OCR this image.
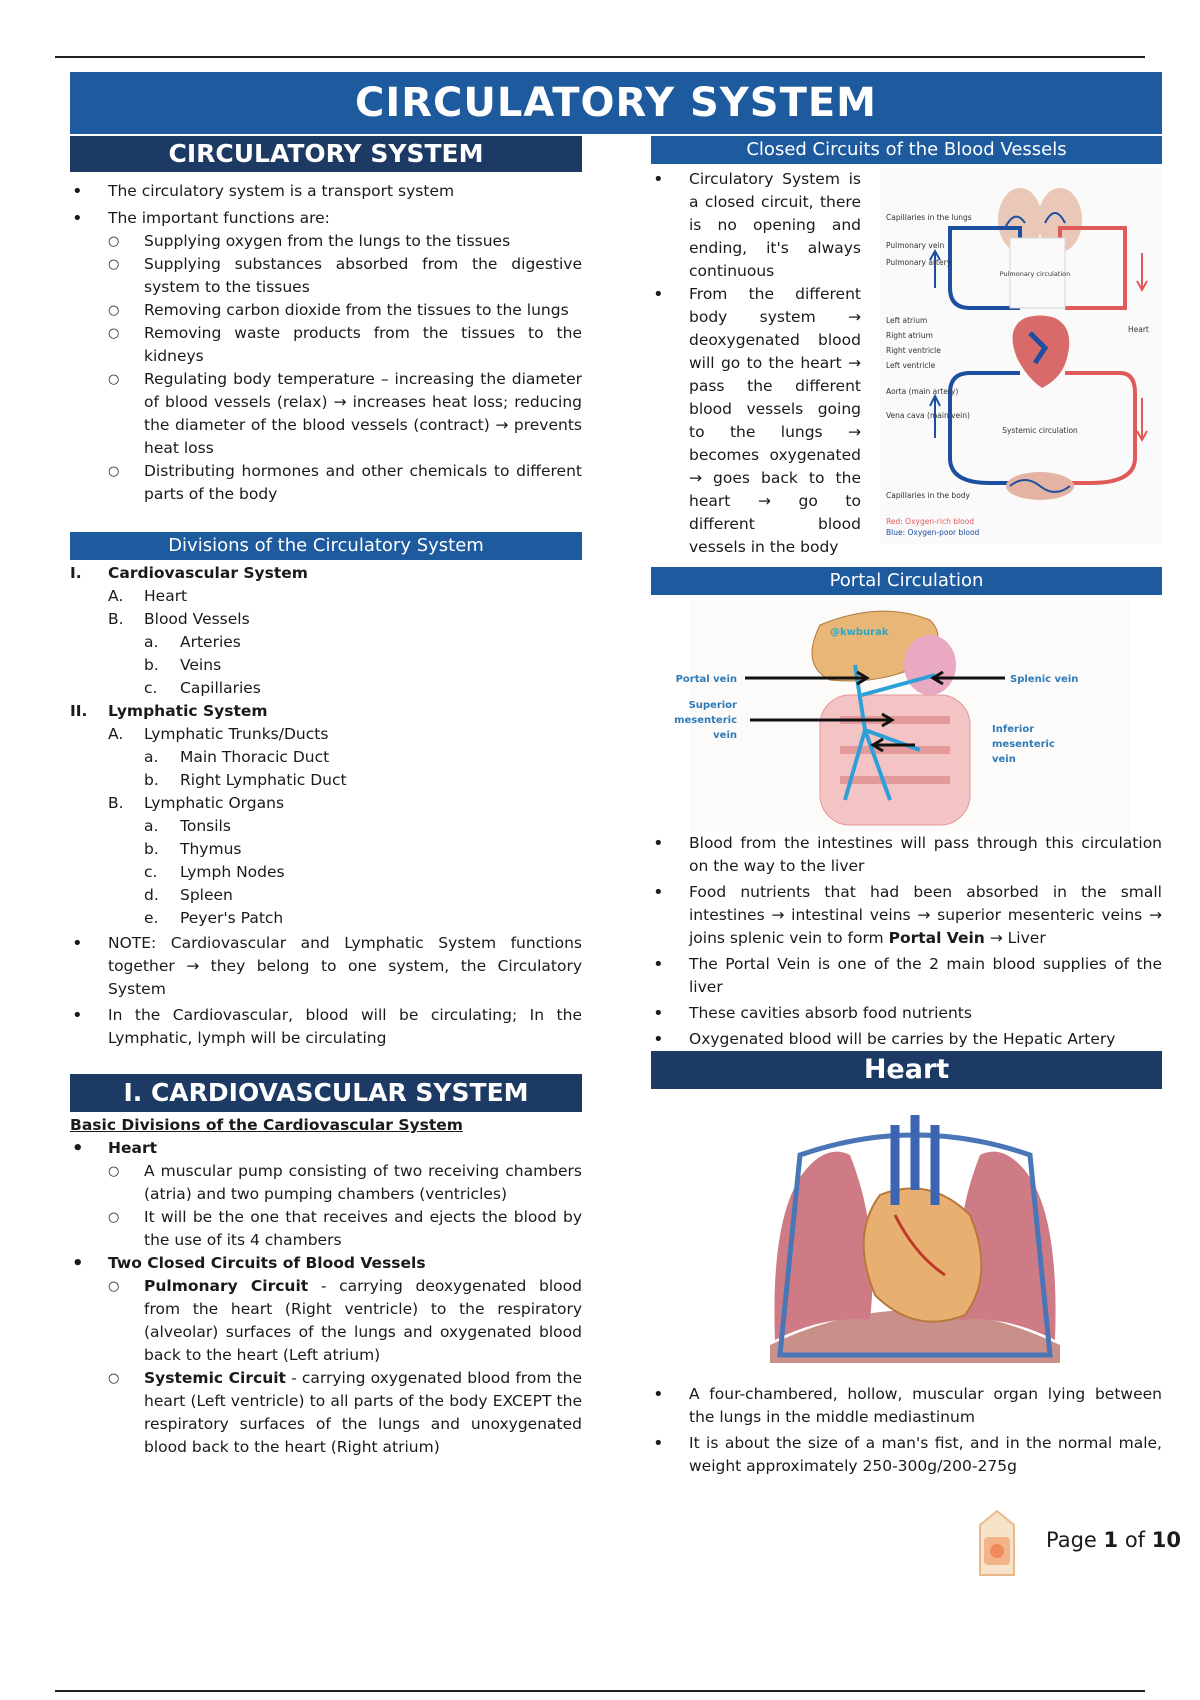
CIRCULATORY SYSTEM
CIRCULATORY SYSTEM
• The circulatory system is a transport system
• The important functions are:
○ Supplying oxygen from the lungs to the tissues
○ Supplying substances absorbed from the digestive system to the tissues
○ Removing carbon dioxide from the tissues to the lungs
○ Removing waste products from the tissues to the kidneys
○ Regulating body temperature – increasing the diameter of blood vessels (relax) → increases heat loss; reducing the diameter of the blood vessels (contract) → prevents heat loss
○ Distributing hormones and other chemicals to different parts of the body
Divisions of the Circulatory System
I. Cardiovascular System
A. Heart
B. Blood Vessels
a. Arteries
b. Veins
c. Capillaries
II. Lymphatic System
A. Lymphatic Trunks/Ducts
a. Main Thoracic Duct
b. Right Lymphatic Duct
B. Lymphatic Organs
a. Tonsils
b. Thymus
c. Lymph Nodes
d. Spleen
e. Peyer's Patch
• NOTE: Cardiovascular and Lymphatic System functions together → they belong to one system, the Circulatory System
• In the Cardiovascular, blood will be circulating; In the Lymphatic, lymph will be circulating
I. CARDIOVASCULAR SYSTEM
Basic Divisions of the Cardiovascular System
• Heart
○ A muscular pump consisting of two receiving chambers (atria) and two pumping chambers (ventricles)
○ It will be the one that receives and ejects the blood by the use of its 4 chambers
• Two Closed Circuits of Blood Vessels
○ Pulmonary Circuit - carrying deoxygenated blood from the heart (Right ventricle) to the respiratory (alveolar) surfaces of the lungs and oxygenated blood back to the heart (Left atrium)
○ Systemic Circuit - carrying oxygenated blood from the heart (Left ventricle) to all parts of the body EXCEPT the respiratory surfaces of the lungs and unoxygenated blood back to the heart (Right atrium)
Closed Circuits of the Blood Vessels
• Circulatory System is a closed circuit, there is no opening and ending, it's always continuous
• From the different body system → deoxygenated blood will go to the heart → pass the different blood vessels going to the lungs → becomes oxygenated → goes back to the heart → go to different blood vessels in the body
Capillaries in the lungs
Pulmonary vein
Pulmonary artery
Pulmonary circulation
Left atrium
Right atrium
Right ventricle
Left ventricle
Aorta (main artery)
Vena cava (main vein)
Heart
Systemic circulation
Capillaries in the body
Red: Oxygen-rich blood
Blue: Oxygen-poor blood
Portal Circulation
@kwburak
Portal vein
Superior
mesenteric
vein
Splenic vein
Inferior
mesenteric
vein
• Blood from the intestines will pass through this circulation on the way to the liver
• Food nutrients that had been absorbed in the small intestines → intestinal veins → superior mesenteric veins → joins splenic vein to form Portal Vein → Liver
• The Portal Vein is one of the 2 main blood supplies of the liver
• These cavities absorb food nutrients
• Oxygenated blood will be carries by the Hepatic Artery
Heart
• A four-chambered, hollow, muscular organ lying between the lungs in the middle mediastinum
• It is about the size of a man's fist, and in the normal male, weight approximately 250-300g/200-275g
Page 1 of 10
